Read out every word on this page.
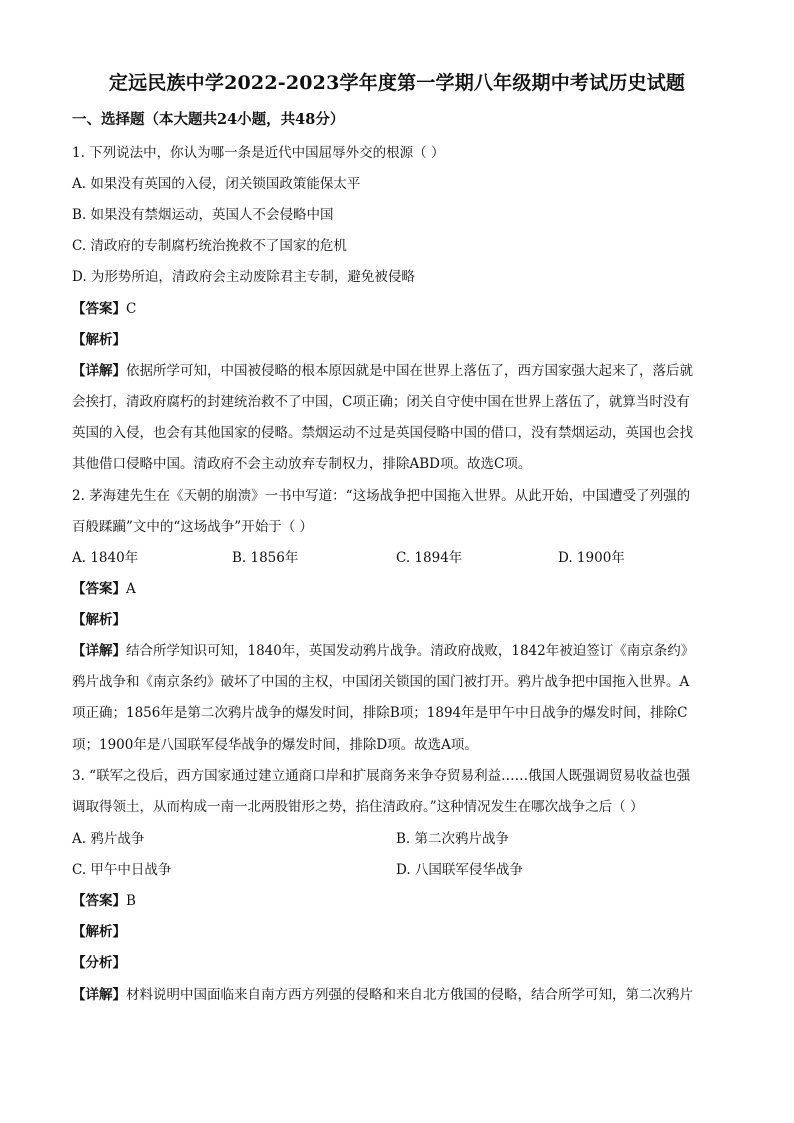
定远民族中学2022-2023学年度第一学期八年级期中考试历史试题
一、选择题（本大题共24小题，共48分）
1. 下列说法中，你认为哪一条是近代中国屈辱外交的根源（ ）
A. 如果没有英国的入侵，闭关锁国政策能保太平
B. 如果没有禁烟运动，英国人不会侵略中国
C. 清政府的专制腐朽统治挽救不了国家的危机
D. 为形势所迫，清政府会主动废除君主专制，避免被侵略
【答案】C
【解析】
【详解】依据所学可知，中国被侵略的根本原因就是中国在世界上落伍了，西方国家强大起来了，落后就
会挨打，清政府腐朽的封建统治救不了中国，C项正确；闭关自守使中国在世界上落伍了，就算当时没有
英国的入侵，也会有其他国家的侵略。禁烟运动不过是英国侵略中国的借口，没有禁烟运动，英国也会找
其他借口侵略中国。清政府不会主动放弃专制权力，排除ABD项。故选C项。
2. 茅海建先生在《天朝的崩溃》一书中写道：“这场战争把中国拖入世界。从此开始，中国遭受了列强的
百般蹂躏”文中的“这场战争”开始于（ ）
A. 1840年	B. 1856年	C. 1894年	D. 1900年
【答案】A
【解析】
【详解】结合所学知识可知，1840年，英国发动鸦片战争。清政府战败，1842年被迫签订《南京条约》
鸦片战争和《南京条约》破坏了中国的主权，中国闭关锁国的国门被打开。鸦片战争把中国拖入世界。A
项正确；1856年是第二次鸦片战争的爆发时间，排除B项；1894年是甲午中日战争的爆发时间，排除C
项；1900年是八国联军侵华战争的爆发时间，排除D项。故选A项。
3. “联军之役后，西方国家通过建立通商口岸和扩展商务来争夺贸易利益……俄国人既强调贸易收益也强
调取得领土，从而构成一南一北两股钳形之势，掐住清政府。”这种情况发生在哪次战争之后（ ）
A. 鸦片战争	B. 第二次鸦片战争
C. 甲午中日战争	D. 八国联军侵华战争
【答案】B
【解析】
【分析】
【详解】材料说明中国面临来自南方西方列强的侵略和来自北方俄国的侵略，结合所学可知，第二次鸦片
